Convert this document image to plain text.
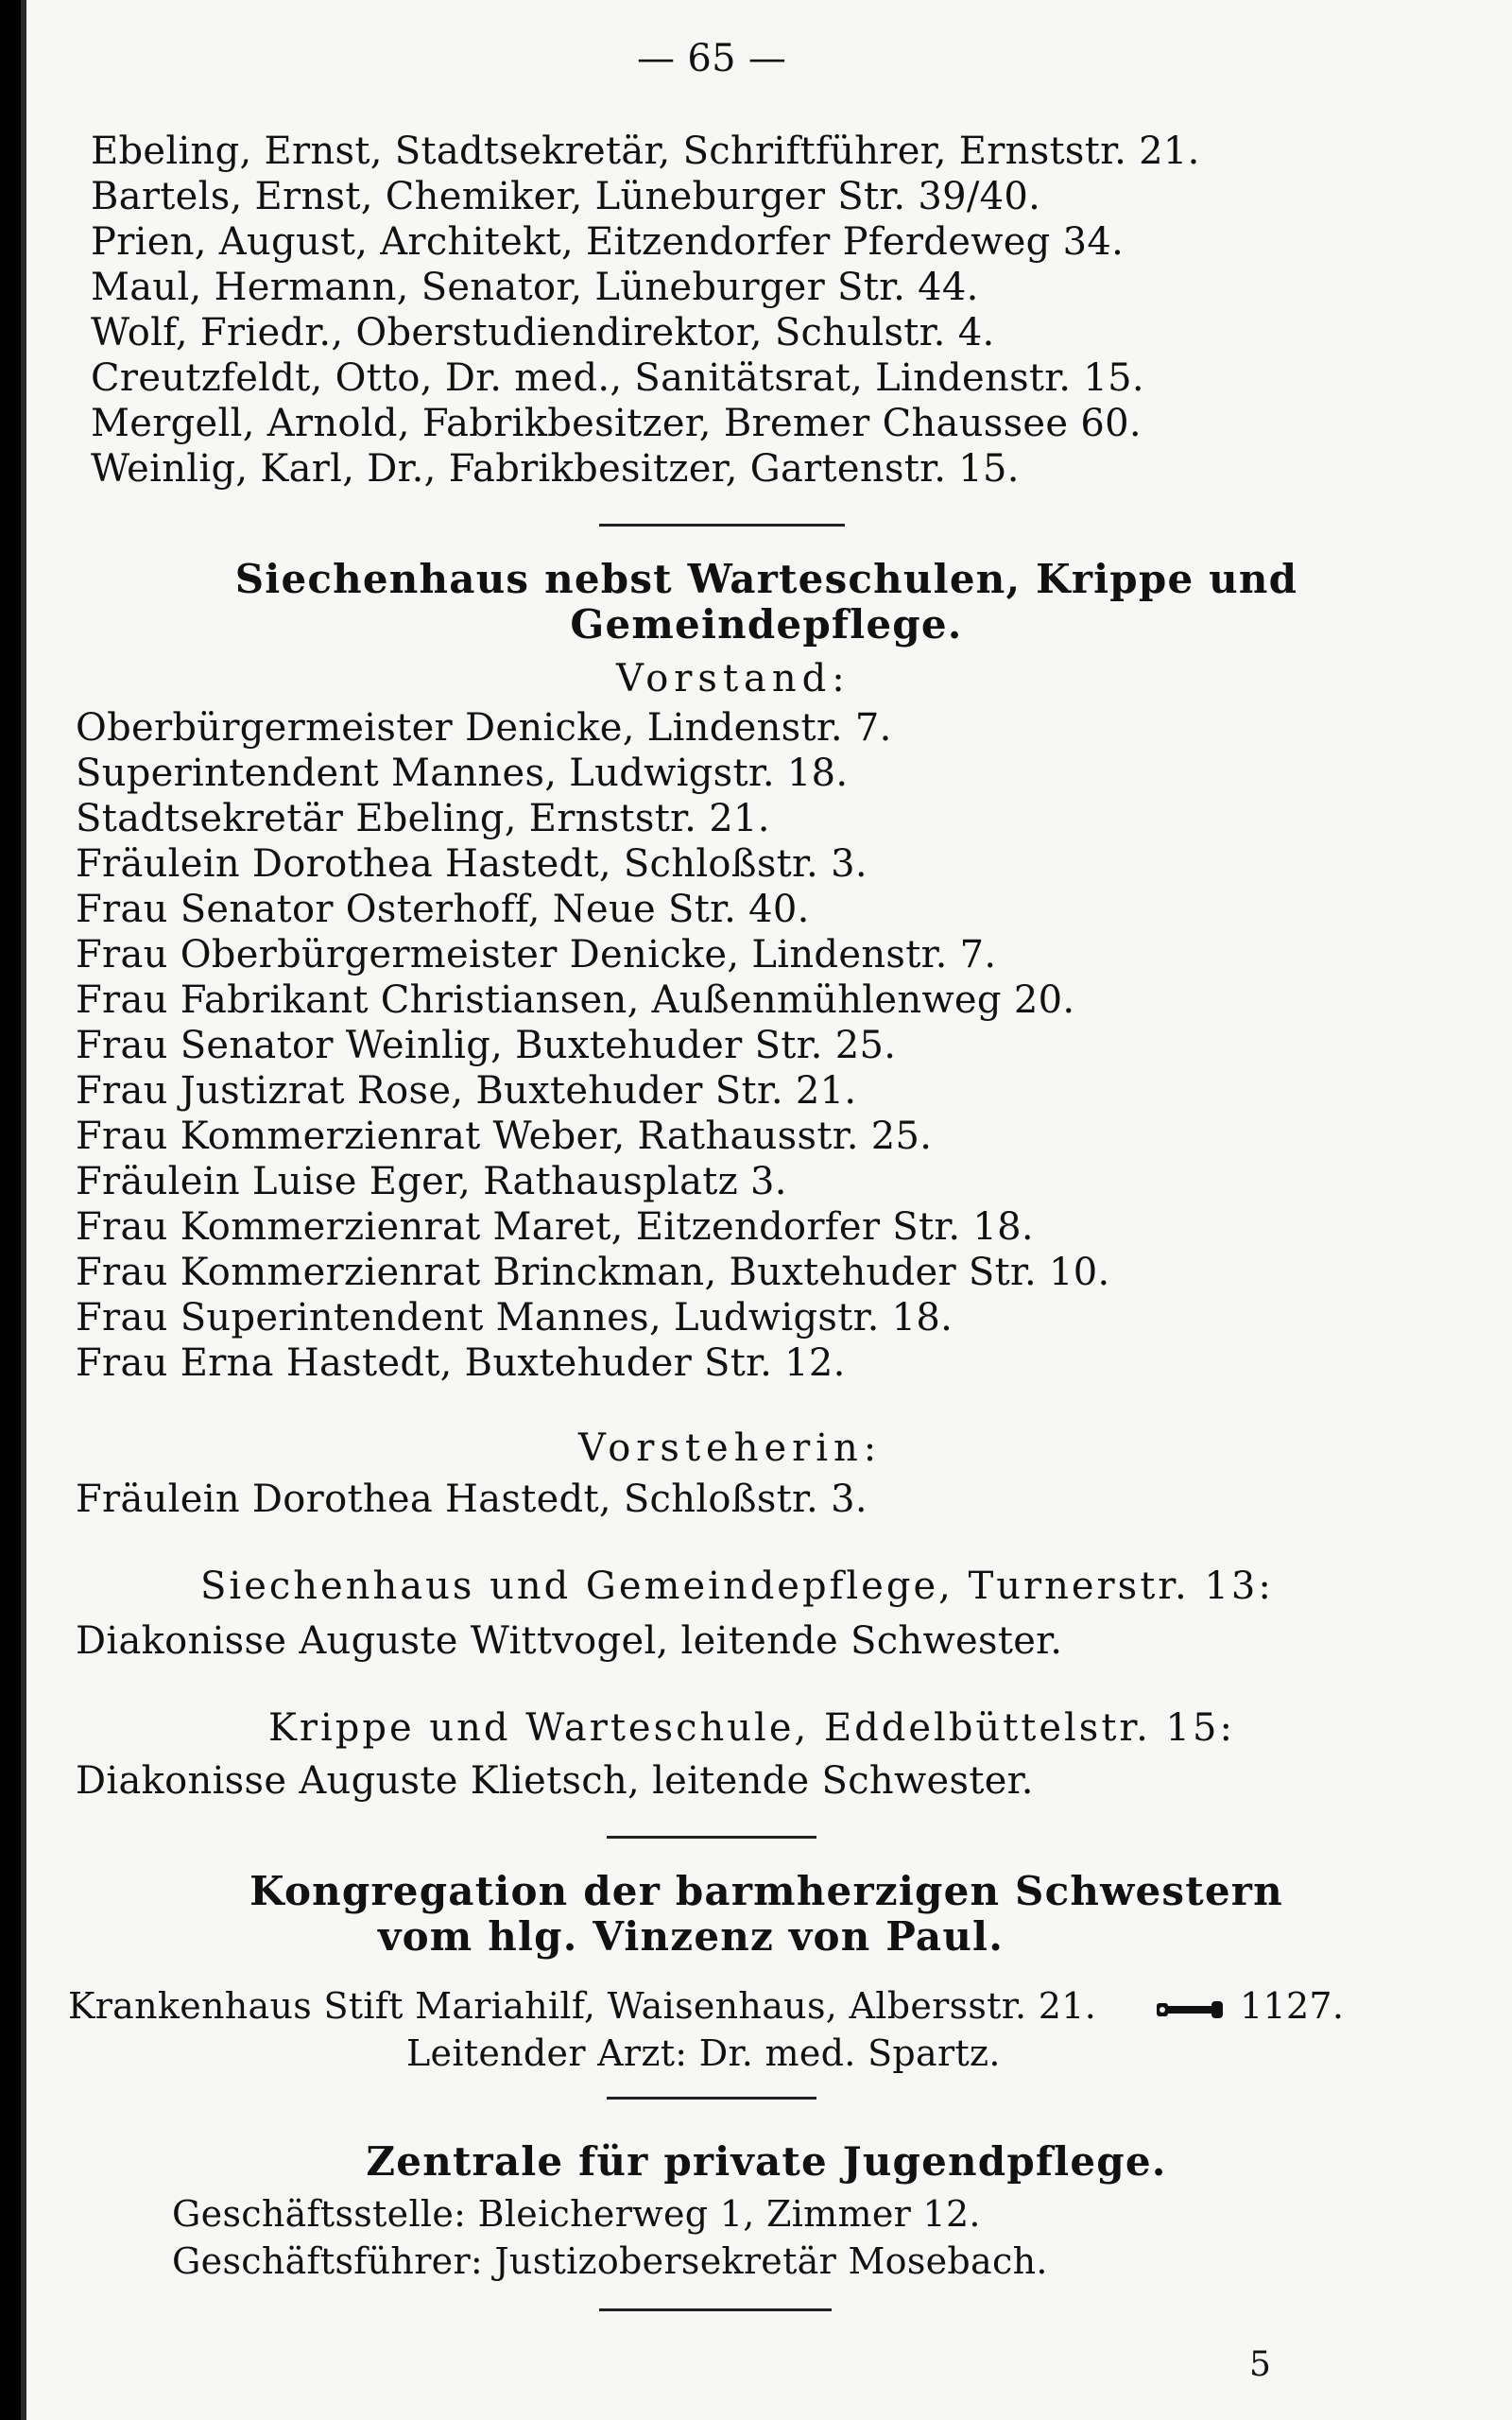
— 65 —
Ebeling, Ernst, Stadtsekretär, Schriftführer, Ernststr. 21.
Bartels, Ernst, Chemiker, Lüneburger Str. 39/40.
Prien, August, Architekt, Eitzendorfer Pferdeweg 34.
Maul, Hermann, Senator, Lüneburger Str. 44.
Wolf, Friedr., Oberstudiendirektor, Schulstr. 4.
Creutzfeldt, Otto, Dr. med., Sanitätsrat, Lindenstr. 15.
Mergell, Arnold, Fabrikbesitzer, Bremer Chaussee 60.
Weinlig, Karl, Dr., Fabrikbesitzer, Gartenstr. 15.
Siechenhaus nebst Warteschulen, Krippe und
Gemeindepflege.
Vorstand:
Oberbürgermeister Denicke, Lindenstr. 7.
Superintendent Mannes, Ludwigstr. 18.
Stadtsekretär Ebeling, Ernststr. 21.
Fräulein Dorothea Hastedt, Schloßstr. 3.
Frau Senator Osterhoff, Neue Str. 40.
Frau Oberbürgermeister Denicke, Lindenstr. 7.
Frau Fabrikant Christiansen, Außenmühlenweg 20.
Frau Senator Weinlig, Buxtehuder Str. 25.
Frau Justizrat Rose, Buxtehuder Str. 21.
Frau Kommerzienrat Weber, Rathausstr. 25.
Fräulein Luise Eger, Rathausplatz 3.
Frau Kommerzienrat Maret, Eitzendorfer Str. 18.
Frau Kommerzienrat Brinckman, Buxtehuder Str. 10.
Frau Superintendent Mannes, Ludwigstr. 18.
Frau Erna Hastedt, Buxtehuder Str. 12.
Vorsteherin:
Fräulein Dorothea Hastedt, Schloßstr. 3.
Siechenhaus und Gemeindepflege, Turnerstr. 13:
Diakonisse Auguste Wittvogel, leitende Schwester.
Krippe und Warteschule, Eddelbüttelstr. 15:
Diakonisse Auguste Klietsch, leitende Schwester.
Kongregation der barmherzigen Schwestern
vom hlg. Vinzenz von Paul.
Krankenhaus Stift Mariahilf, Waisenhaus, Albersstr. 21.	1127.
Leitender Arzt: Dr. med. Spartz.
Zentrale für private Jugendpflege.
Geschäftsstelle: Bleicherweg 1, Zimmer 12.
Geschäftsführer: Justizobersekretär Mosebach.
5
